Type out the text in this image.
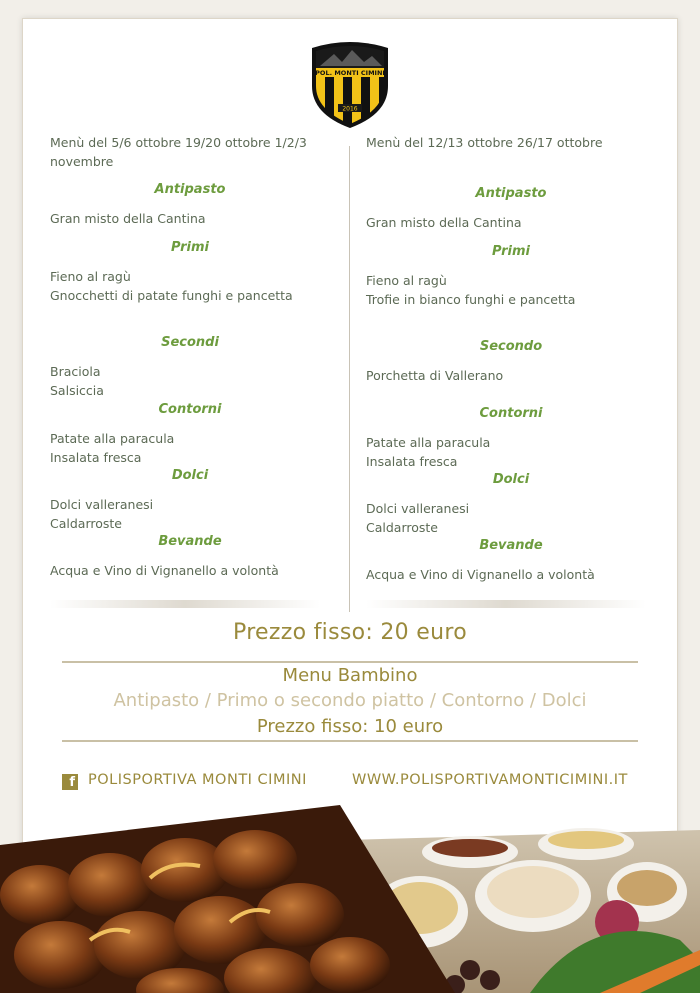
POL. MONTI CIMINI
2016
Menù del 5/6 ottobre 19/20 ottobre 1/2/3 novembre
Antipasto
Gran misto della Cantina
Primi
Fieno al ragù
Gnocchetti di patate funghi e pancetta
Secondi
Braciola
Salsiccia
Contorni
Patate alla paracula
Insalata fresca
Dolci
Dolci valleranesi
Caldarroste
Bevande
Acqua e Vino di Vignanello a volontà
Menù del 12/13 ottobre 26/17 ottobre
Antipasto
Gran misto della Cantina
Primi
Fieno al ragù
Trofie in bianco funghi e pancetta
Secondo
Porchetta di Vallerano
Contorni
Patate alla paracula
Insalata fresca
Dolci
Dolci valleranesi
Caldarroste
Bevande
Acqua e Vino di Vignanello a volontà
Prezzo fisso: 20 euro
Menu Bambino
Antipasto / Primo o secondo piatto / Contorno / Dolci
Prezzo fisso: 10 euro
f POLISPORTIVA MONTI CIMINI	WWW.POLISPORTIVAMONTICIMINI.IT
